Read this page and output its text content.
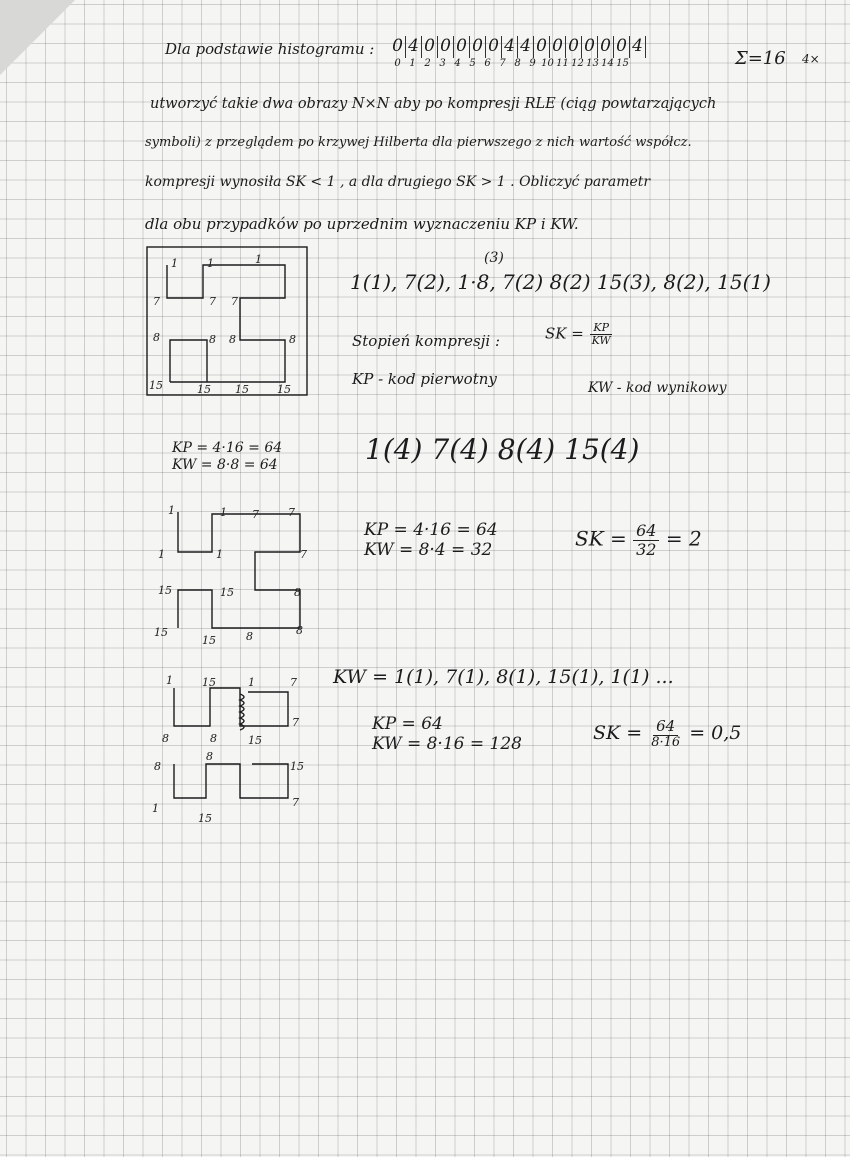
Dla podstawie histogramu : 0 4 0 0 0 0 0 4 4 0 0 0 0 0 0 4
0 1 2 3 4 5 6 7 8 9 10 11 12 13 14 15	Σ=16 4×
utworzyć takie dwa obrazy N×N aby po kompresji RLE (ciąg powtarzających
symboli) z przeglądem po krzywej Hilberta dla pierwszego z nich wartość współcz.
kompresji wynosiła SK < 1 , a dla drugiego SK > 1 . Obliczyć parametr
dla obu przypadków po uprzednim wyznaczeniu KP i KW.
1	1	1
7	7 7
8	8 8	8
15	15 15	15
(3)
1(1), 7(2), 1·8, 7(2) 8(2) 15(3), 8(2), 15(1)
Stopień kompresji :	SK = $\frac{KP}{KW}$
KP - kod pierwotny	KW - kod wynikowy
KP = 4·16 = 64
KW = 8·8 = 64	1(4) 7(4) 8(4) 15(4)
1	1 7	7
1	1	7
15	15	8
15
15	8	8
KP = 4·16 = 64
KW = 8·4 = 32	SK = $\frac{64}{32} = 2$
1	15	1	7
8	8	15
7
8
8
15
7
1
15
KW = 1(1), 7(1), 8(1), 15(1), 1(1) ...
KP = 64
KW = 8·16 = 128
SK = $\frac{64}{8\cdot 16} = 0,5$
